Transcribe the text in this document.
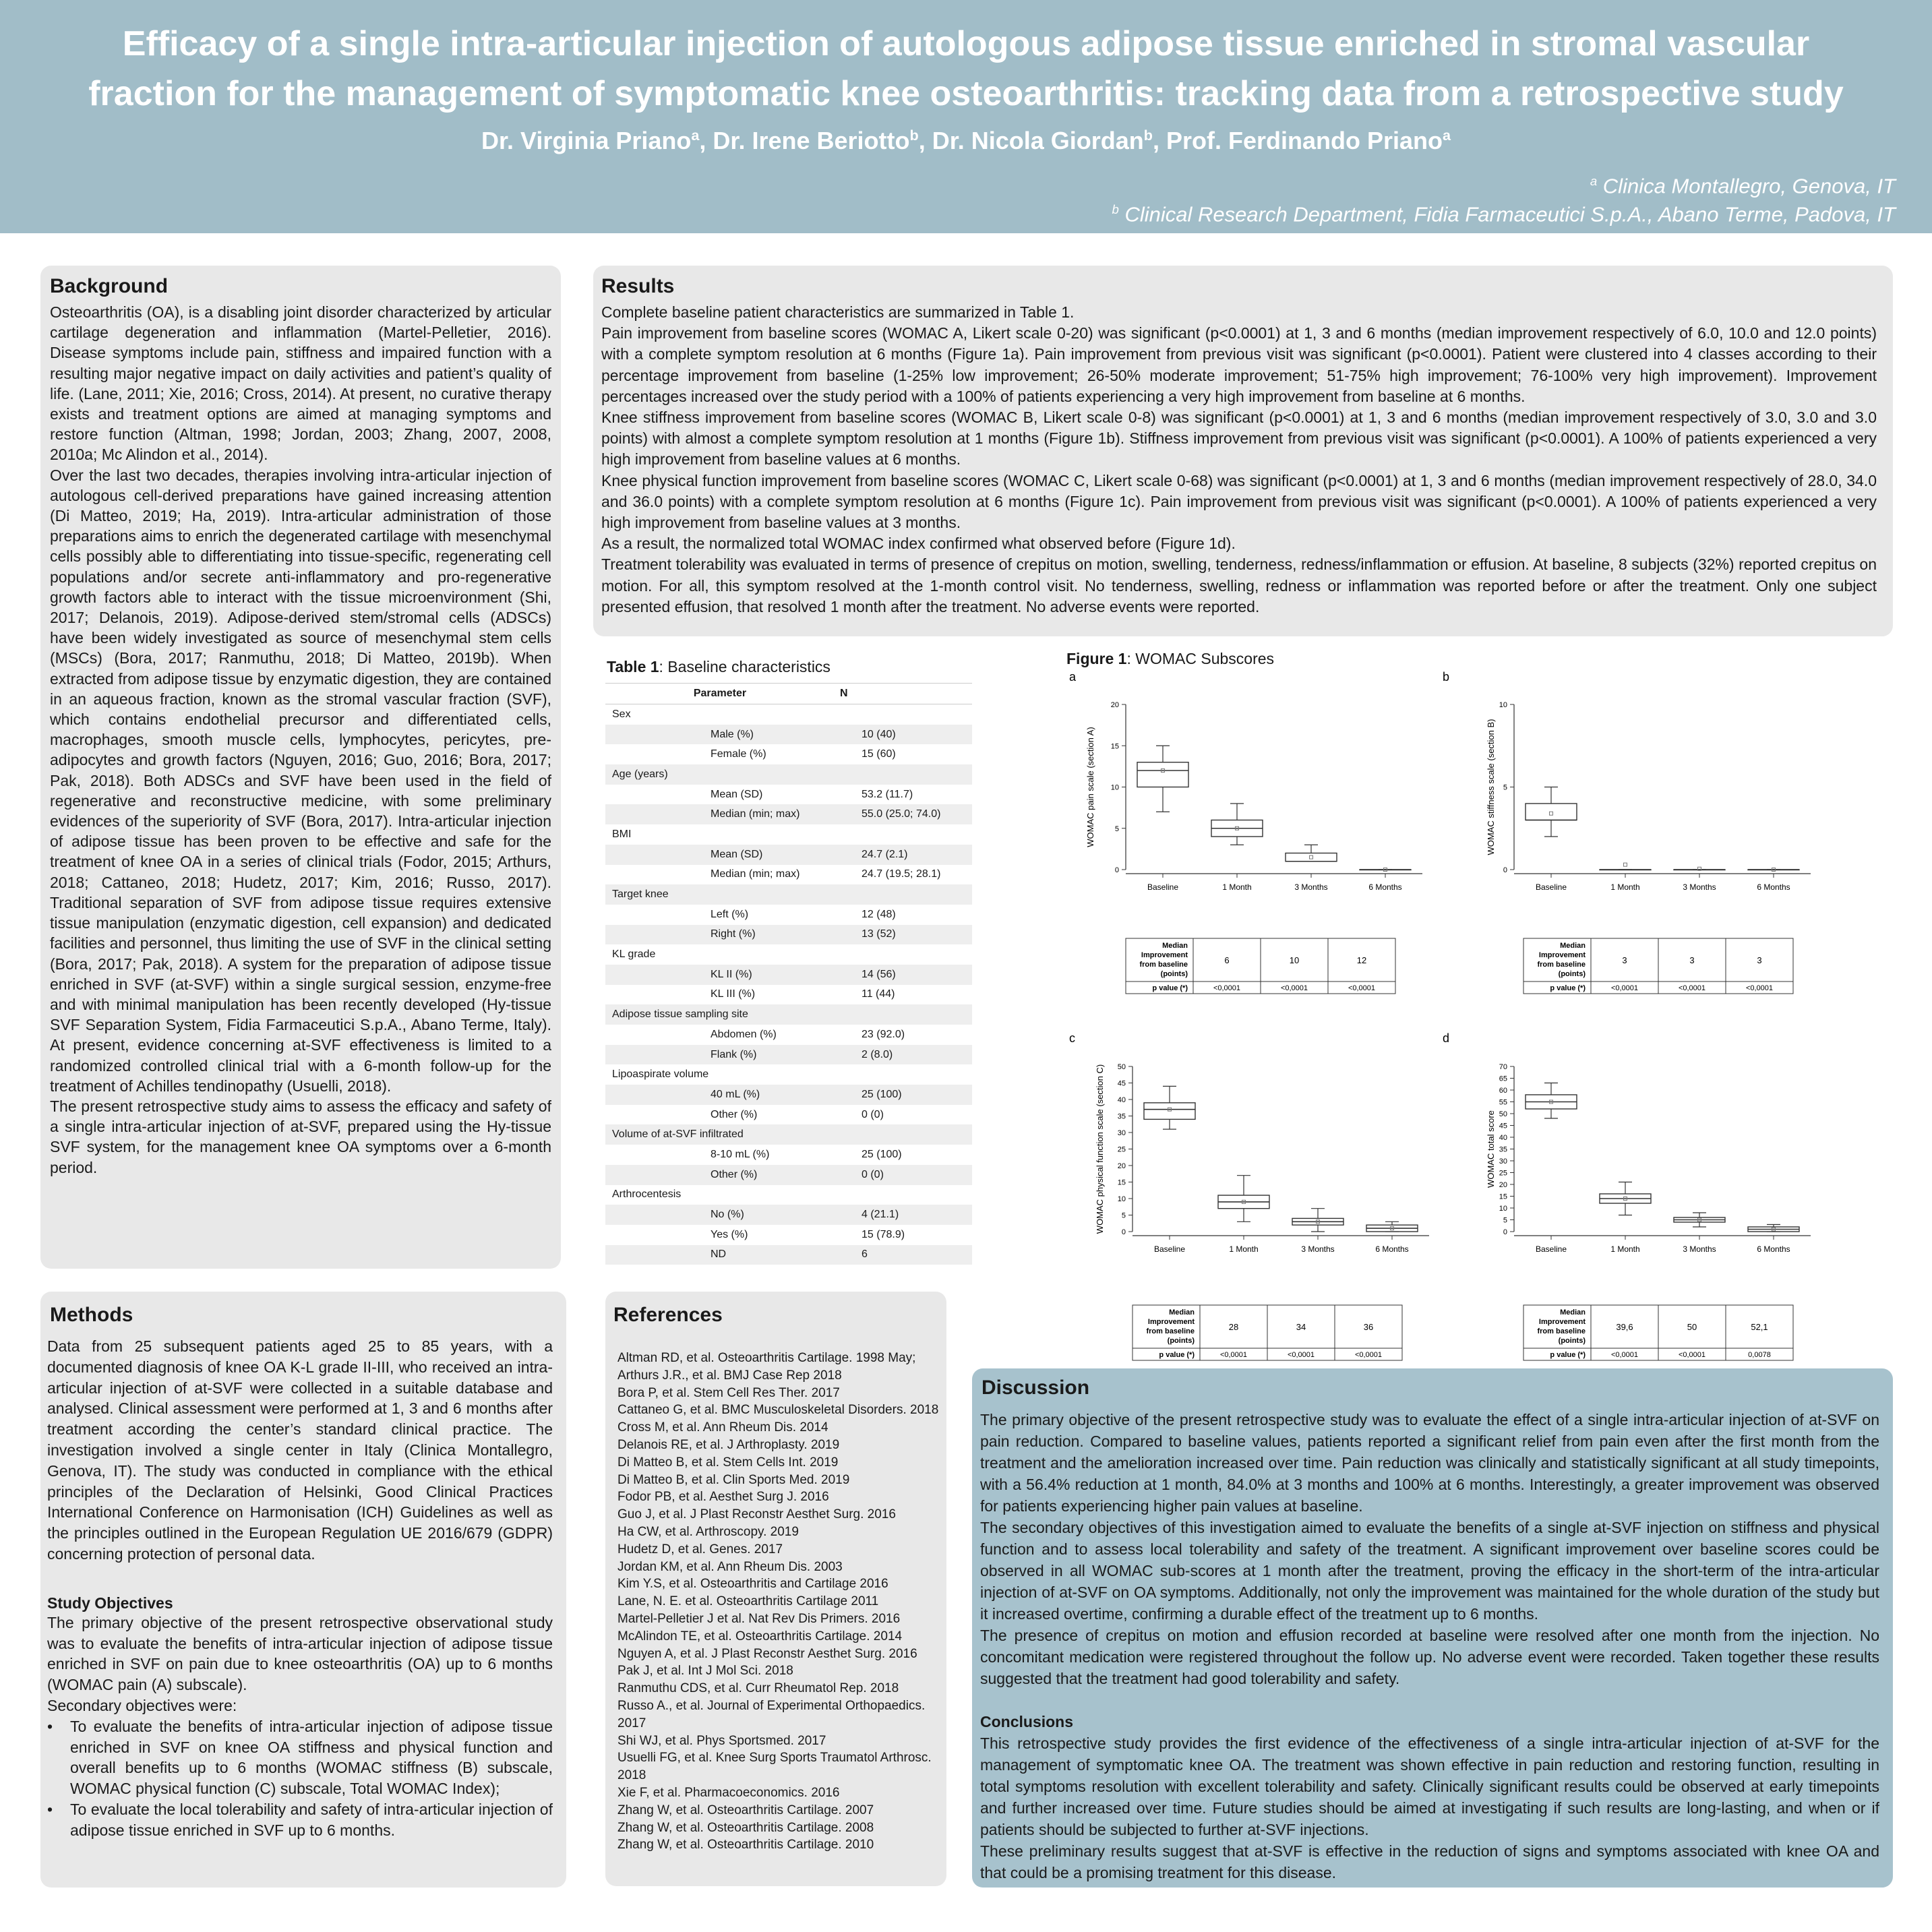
Efficacy of a single intra-articular injection of autologous adipose tissue enriched in stromal vascular
fraction for the management of symptomatic knee osteoarthritis: tracking data from a retrospective study
Dr. Virginia Priano$^a$, Dr. Irene Beriotto$^b$, Dr. Nicola Giordan$^b$, Prof. Ferdinando Priano$^a$
$^a$ Clinica Montallegro, Genova, IT
$^b$ Clinical Research Department, Fidia Farmaceutici S.p.A., Abano Terme, Padova, IT
Background

Osteoarthritis (OA), is a disabling joint disorder characterized by articular cartilage degeneration and inflammation (Martel-Pelletier, 2016). Disease symptoms include pain, stiffness and impaired function with a resulting major negative impact on daily activities and patient’s quality of life. (Lane, 2011; Xie, 2016; Cross, 2014). At present, no curative therapy exists and treatment options are aimed at managing symptoms and restore function (Altman, 1998; Jordan, 2003; Zhang, 2007, 2008, 2010a; Mc Alindon et al., 2014).

Over the last two decades, therapies involving intra-articular injection of autologous cell-derived preparations have gained increasing attention (Di Matteo, 2019; Ha, 2019). Intra-articular administration of those preparations aims to enrich the degenerated cartilage with mesenchymal cells possibly able to differentiating into tissue-specific, regenerating cell populations and/or secrete anti-inflammatory and pro-regenerative growth factors able to interact with the tissue microenvironment (Shi, 2017; Delanois, 2019). Adipose-derived stem/stromal cells (ADSCs) have been widely investigated as source of mesenchymal stem cells (MSCs) (Bora, 2017; Ranmuthu, 2018; Di Matteo, 2019b). When extracted from adipose tissue by enzymatic digestion, they are contained in an aqueous fraction, known as the stromal vascular fraction (SVF), which contains endothelial precursor and differentiated cells, macrophages, smooth muscle cells, lymphocytes, pericytes, pre-adipocytes and growth factors (Nguyen, 2016; Guo, 2016; Bora, 2017; Pak, 2018). Both ADSCs and SVF have been used in the field of regenerative and reconstructive medicine, with some preliminary evidences of the superiority of SVF (Bora, 2017). Intra-articular injection of adipose tissue has been proven to be effective and safe for the treatment of knee OA in a series of clinical trials (Fodor, 2015; Arthurs, 2018; Cattaneo, 2018; Hudetz, 2017; Kim, 2016; Russo, 2017). Traditional separation of SVF from adipose tissue requires extensive tissue manipulation (enzymatic digestion, cell expansion) and dedicated facilities and personnel, thus limiting the use of SVF in the clinical setting (Bora, 2017; Pak, 2018). A system for the preparation of adipose tissue enriched in SVF (at-SVF) within a single surgical session, enzyme-free and with minimal manipulation has been recently developed (Hy-tissue SVF Separation System, Fidia Farmaceutici S.p.A., Abano Terme, Italy). At present, evidence concerning at-SVF effectiveness is limited to a randomized controlled clinical trial with a 6-month follow-up for the treatment of Achilles tendinopathy (Usuelli, 2018).

The present retrospective study aims to assess the efficacy and safety of a single intra-articular injection of at-SVF, prepared using the Hy-tissue SVF system, for the management knee OA symptoms over a 6-month period.

Methods

Data from 25 subsequent patients aged 25 to 85 years, with a documented diagnosis of knee OA K-L grade II-III, who received an intra-articular injection of at-SVF were collected in a suitable database and analysed. Clinical assessment were performed at 1, 3 and 6 months after treatment according the center’s standard clinical practice. The investigation involved a single center in Italy (Clinica Montallegro, Genova, IT). The study was conducted in compliance with the ethical principles of the Declaration of Helsinki, Good Clinical Practices International Conference on Harmonisation (ICH) Guidelines as well as the principles outlined in the European Regulation UE 2016/679 (GDPR) concerning protection of personal data.

Study Objectives

The primary objective of the present retrospective observational study was to evaluate the benefits of intra-articular injection of adipose tissue enriched in SVF on pain due to knee osteoarthritis (OA) up to 6 months (WOMAC pain (A) subscale).

Secondary objectives were:

•	To evaluate the benefits of intra-articular injection of adipose tissue enriched in SVF on knee OA stiffness and physical function and overall benefits up to 6 months (WOMAC stiffness (B) subscale, WOMAC physical function (C) subscale, Total WOMAC Index);
•	To evaluate the local tolerability and safety of intra-articular injection of adipose tissue enriched in SVF up to 6 months.
Results

Complete baseline patient characteristics are summarized in Table 1.

Pain improvement from baseline scores (WOMAC A, Likert scale 0-20) was significant (p<0.0001) at 1, 3 and 6 months (median improvement respectively of 6.0, 10.0 and 12.0 points) with a complete symptom resolution at 6 months (Figure 1a). Pain improvement from previous visit was significant (p<0.0001). Patient were clustered into 4 classes according to their percentage improvement from baseline (1-25% low improvement; 26-50% moderate improvement; 51-75% high improvement; 76-100% very high improvement). Improvement percentages increased over the study period with a 100% of patients experiencing a very high improvement from baseline at 6 months.

Knee stiffness improvement from baseline scores (WOMAC B, Likert scale 0-8) was significant (p<0.0001) at 1, 3 and 6 months (median improvement respectively of 3.0, 3.0 and 3.0 points) with almost a complete symptom resolution at 1 months (Figure 1b). Stiffness improvement from previous visit was significant (p<0.0001). A 100% of patients experienced a very high improvement from baseline values at 6 months.

Knee physical function improvement from baseline scores (WOMAC C, Likert scale 0-68) was significant (p<0.0001) at 1, 3 and 6 months (median improvement respectively of 28.0, 34.0 and 36.0 points) with a complete symptom resolution at 6 months (Figure 1c). Pain improvement from previous visit was significant (p<0.0001). A 100% of patients experienced a very high improvement from baseline values at 3 months.

As a result, the normalized total WOMAC index confirmed what observed before (Figure 1d).

Treatment tolerability was evaluated in terms of presence of crepitus on motion, swelling, tenderness, redness/inflammation or effusion. At baseline, 8 subjects (32%) reported crepitus on motion. For all, this symptom resolved at the 1-month control visit. No tenderness, swelling, redness or inflammation was reported before or after the treatment. Only one subject presented effusion, that resolved 1 month after the treatment. No adverse events were reported.

Table 1: Baseline characteristics

Parameter	N
Sex
Male (%)	10 (40)
Female (%)	15 (60)
Age (years)
Mean (SD)	53.2 (11.7)
Median (min; max)	55.0 (25.0; 74.0)
BMI
Mean (SD)	24.7 (2.1)
Median (min; max)	24.7 (19.5; 28.1)
Target knee
Left (%)	12 (48)
Right (%)	13 (52)
KL grade
KL II (%)	14 (56)
KL III (%)	11 (44)
Adipose tissue sampling site
Abdomen (%)	23 (92.0)
Flank (%)	2 (8.0)
Lipoaspirate volume
40 mL (%)	25 (100)
Other (%)	0 (0)
Volume of at-SVF infiltrated
8-10 mL (%)	25 (100)
Other (%)	0 (0)
Arthrocentesis
No (%)	4 (21.1)
Yes (%)	15 (78.9)
ND	6
Figure 1: WOMAC Subscores
a
0
5
10
15
20
WOMAC pain scale (section A)
Baseline	1 Month	3 Months	6 Months
Median
Improvement
from baseline
(points)
p value (*)
6	10	12
<0,0001	<0,0001	<0,0001
b
0
5
10
WOMAC stiffness scale (section B)
Baseline	1 Month	3 Months	6 Months
Median
Improvement
from baseline
(points)
p value (*)
3	3	3
<0,0001	<0,0001	<0,0001
c
0
5
10
15
20
25
30
35
40
45
50
WOMAC physical function scale (section C)
Baseline	1 Month	3 Months	6 Months
Median
Improvement
from baseline
(points)
p value (*)
28	34	36
<0,0001	<0,0001	<0,0001
d
0
5
10
15
20
25
30
35
40
45
50
55
60
65
70
WOMAC total score
Baseline	1 Month	3 Months	6 Months
Median
Improvement
from baseline
(points)
p value (*)
39,6	50	52,1
<0,0001	<0,0001	0,0078
References
Altman RD, et al. Osteoarthritis Cartilage. 1998 May;
Arthurs J.R., et al. BMJ Case Rep 2018
Bora P, et al. Stem Cell Res Ther. 2017
Cattaneo G, et al. BMC Musculoskeletal Disorders. 2018
Cross M, et al. Ann Rheum Dis. 2014
Delanois RE, et al. J Arthroplasty. 2019
Di Matteo B, et al. Stem Cells Int. 2019
Di Matteo B, et al. Clin Sports Med. 2019
Fodor PB, et al. Aesthet Surg J. 2016
Guo J, et al. J Plast Reconstr Aesthet Surg. 2016
Ha CW, et al. Arthroscopy. 2019
Hudetz D, et al. Genes. 2017
Jordan KM, et al. Ann Rheum Dis. 2003
Kim Y.S, et al. Osteoarthritis and Cartilage 2016
Lane, N. E. et al. Osteoarthritis Cartilage 2011
Martel-Pelletier J et al. Nat Rev Dis Primers. 2016
McAlindon TE, et al. Osteoarthritis Cartilage. 2014
Nguyen A, et al. J Plast Reconstr Aesthet Surg. 2016
Pak J, et al. Int J Mol Sci. 2018
Ranmuthu CDS, et al. Curr Rheumatol Rep. 2018
Russo A., et al. Journal of Experimental Orthopaedics. 2017
Shi WJ, et al. Phys Sportsmed. 2017
Usuelli FG, et al. Knee Surg Sports Traumatol Arthrosc. 2018
Xie F, et al. Pharmacoeconomics. 2016
Zhang W, et al. Osteoarthritis Cartilage. 2007
Zhang W, et al. Osteoarthritis Cartilage. 2008
Zhang W, et al. Osteoarthritis Cartilage. 2010
Discussion

The primary objective of the present retrospective study was to evaluate the effect of a single intra-articular injection of at-SVF on pain reduction. Compared to baseline values, patients reported a significant relief from pain even after the first month from the treatment and the amelioration increased over time. Pain reduction was clinically and statistically significant at all study timepoints, with a 56.4% reduction at 1 month, 84.0% at 3 months and 100% at 6 months. Interestingly, a greater improvement was observed for patients experiencing higher pain values at baseline.

The secondary objectives of this investigation aimed to evaluate the benefits of a single at-SVF injection on stiffness and physical function and to assess local tolerability and safety of the treatment. A significant improvement over baseline scores could be observed in all WOMAC sub-scores at 1 month after the treatment, proving the efficacy in the short-term of the intra-articular injection of at-SVF on OA symptoms. Additionally, not only the improvement was maintained for the whole duration of the study but it increased overtime, confirming a durable effect of the treatment up to 6 months.

The presence of crepitus on motion and effusion recorded at baseline were resolved after one month from the injection. No concomitant medication were registered throughout the follow up. No adverse event were recorded. Taken together these results suggested that the treatment had good tolerability and safety.

Conclusions

This retrospective study provides the first evidence of the effectiveness of a single intra-articular injection of at-SVF for the management of symptomatic knee OA. The treatment was shown effective in pain reduction and restoring function, resulting in total symptoms resolution with excellent tolerability and safety. Clinically significant results could be observed at early timepoints and further increased over time. Future studies should be aimed at investigating if such results are long-lasting, and when or if patients should be subjected to further at-SVF injections.

These preliminary results suggest that at-SVF is effective in the reduction of signs and symptoms associated with knee OA and that could be a promising treatment for this disease.
